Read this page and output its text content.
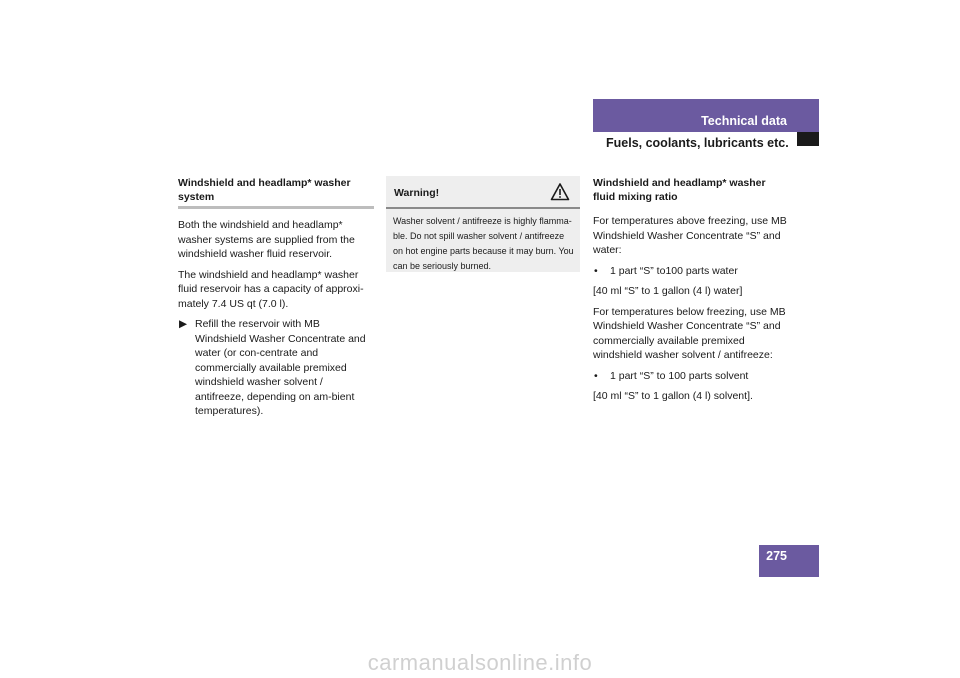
Technical data
Fuels, coolants, lubricants etc.
Windshield and headlamp* washer
system

Both the windshield and headlamp* washer systems are supplied from the windshield washer fluid reservoir.

The windshield and headlamp* washer fluid reservoir has a capacity of approxi-mately 7.4 US qt (7.0 l).

▶ Refill the reservoir with MB Windshield Washer Concentrate and water (or con-centrate and commercially available premixed windshield washer solvent / antifreeze, depending on am-bient temperatures).
Warning!
Washer solvent / antifreeze is highly flamma-ble. Do not spill washer solvent / antifreeze on hot engine parts because it may burn. You can be seriously burned.
Windshield and headlamp* washer fluid mixing ratio

For temperatures above freezing, use MB Windshield Washer Concentrate “S” and water:

• 1 part “S” to100 parts water

[40 ml “S” to 1 gallon (4 l) water]

For temperatures below freezing, use MB Windshield Washer Concentrate “S” and commercially available premixed windshield washer solvent / antifreeze:

• 1 part “S” to 100 parts solvent

[40 ml “S” to 1 gallon (4 l) solvent].

275
carmanualsonline.info
